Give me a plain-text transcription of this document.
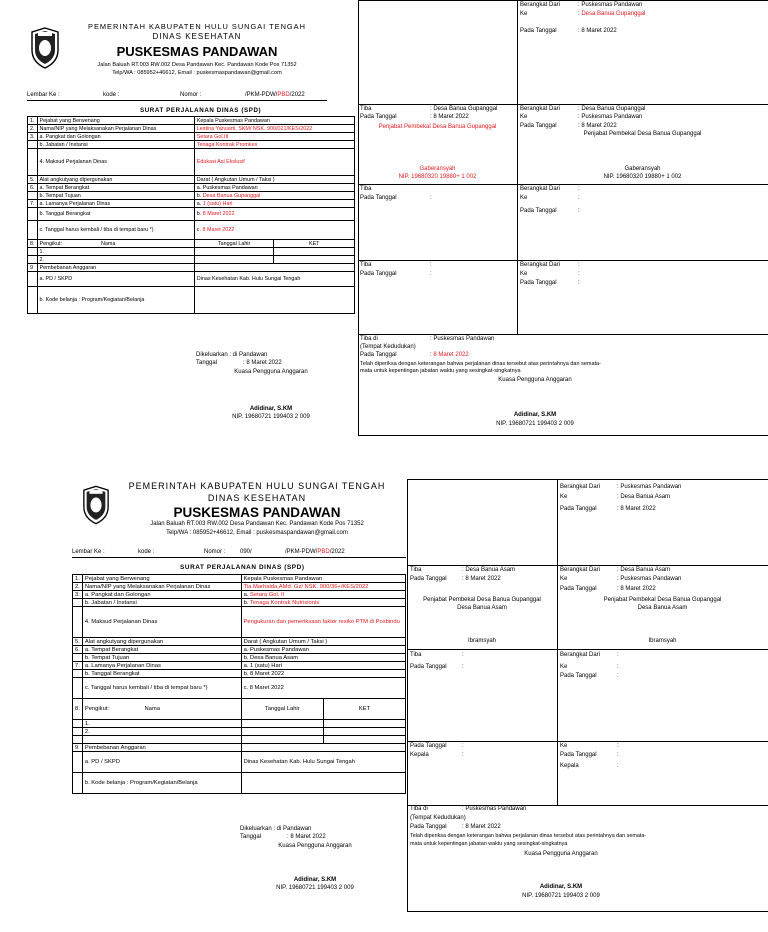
PEMERINTAH KABUPATEN HULU SUNGAI TENGAH
DINAS KESEHATAN
PUSKESMAS PANDAWAN
Jalan Baluah RT.003 RW.002 Desa Pandawan Kec. Pandawan Kode Pos 71352
Telp/WA : 085952+46612, Email : puskesmaspandawan@gmail.com
Lembar Ke :	kode :	Nomor :	/PKM-PDW/PBD/2022
SURAT PERJALANAN DINAS (SPD)
1.	Pejabat yang Berwenang	Kepala Puskesmas Pandawan	
2.	Nama/NIP yang Melaksanakan Perjalanan Dinas	Lestina Yanuarti, SKM/ NSK. 900/021/KES/2022	
3.	a. Pangkat dan Golongan	Setara Gol.III	
	b. Jabatan / Instansi	Tenaga Kontrak Promkes	
	4. Maksud Perjalanan Dinas	Edukasi Asi Ekslusif	
5.	Alat angkutyang dipergunakan	Darat ( Angkutan Umum / Taksi )	
6.	a. Tempat Berangkat	a. Puskesmas Pandawan	
	b. Tempat Tujuan	b. Desa Banua Gupanggal	
7.	a. Lamanya Perjalanan Dinas	a. 1 (satu) Hari	
	b. Tanggal Berangkat	b. 8 Maret 2022	
	c. Tanggal harus kembali / tiba di tempat baru *)	c. 8 Maret 2022	
8.	Pengikut: Nama	Tanggal Lahir	KET
	1.		
	2.		
9	Pembebanan Anggaran		
	a. PD / SKPD	Dinas Kesehatan Kab. Hulu Sungai Tengah	
	b. Kode belanja : Program/Kegiatan/Belanja		
Dikeluarkan : di Pandawan
Tanggal	: 8 Maret 2022
Kuasa Pengguna Anggaran
Adidinar, S.KM
NIP. 19680721 199403 2 009
Berangkat Dari	: Puskesmas Pandawan
Ke	: Desa Banua Gupanggal
Pada Tanggal	: 8 Maret 2022
Tiba	: Desa Banua Gupanggal
Pada Tanggal	: 8 Maret 2022
Penjabat Pembekal Desa Banua Gupanggal
Gaberansyah
NIP. 19680320 19880+ 1 002
Berangkat Dari	: Desa Banua Gupanggal
Ke	: Puskesmas Pandawan
Pada Tanggal	: 8 Maret 2022
Penjabat Pembekal Desa Banua Gupanggal
Gaberansyah
NIP. 19680320 19880+ 1 002
Tiba
Pada Tanggal	:
Berangkat Dari	:
Ke	:
Pada Tanggal	:
Tiba	:
Pada Tanggal	:
Berangkat Dari	:
Ke	:
Pada Tanggal	:
Tiba di	: Puskesmas Pandawan
(Tempat Kedudukan)
Pada Tanggal	: 8 Maret 2022
Telah diperiksa dengan keterangan bahwa perjalanan dinas tersebut atas perintahnya dan semata-
mata untuk kepentingan jabatan waktu yang sesingkat-singkatnya
Kuasa Pengguna Anggaran
Adidinar, S.KM
NIP. 19680721 199403 2 009
PEMERINTAH KABUPATEN HULU SUNGAI TENGAH
DINAS KESEHATAN
PUSKESMAS PANDAWAN
Jalan Baluah RT.003 RW.002 Desa Pandawan Kec. Pandawan Kode Pos 71352
Telp/WA : 085952+46612, Email : puskesmaspandawan@gmail.com
Lembar Ke :	kode :	Nomor : 090/	/PKM-PDW/PBD/2022
SURAT PERJALANAN DINAS (SPD)
1.	Pejabat yang Berwenang	Kepala Puskesmas Pandawan	
2.	Nama/NIP yang Melaksanakan Perjalanan Dinas	Tia Marhalda,AMd. Gz/ NSK. 900/36+/KES/2022	
3.	a. Pangkat dan Golongan	a. Setara Gol. II	
	b. Jabatan / Instansi	b. Tenaga Kontrak Nutrisionis	
	4. Maksud Perjalanan Dinas	Pengukuran dan pemeriksaan faktor resiko PTM di Posbindu	
5.	Alat angkutyang dipergunakan	Darat ( Angkutan Umum / Taksi )	
6.	a. Tempat Berangkat	a. Puskesmas Pandawan	
	b. Tempat Tujuan	b. Desa Banua Asam	
7.	a. Lamanya Perjalanan Dinas	a. 1 (satu) Hari	
	b. Tanggal Berangkat	b. 8 Maret 2022	
	c. Tanggal harus kembali / tiba di tempat baru *)	c. 8 Maret 2022	
8.	Pengikut: Nama	Tanggal Lahir	KET
	1.		
	2.		

9	Pembebanan Anggaran		
	a. PD / SKPD	Dinas Kesehatan Kab. Hulu Sungai Tengah	
	b. Kode belanja : Program/Kegiatan/Belanja		
Dikeluarkan : di Pandawan
Tanggal	: 8 Maret 2022
Kuasa Pengguna Anggaran
Adidinar, S.KM
NIP. 19680721 199403 2 009
Berangkat Dari	: Puskesmas Pandawan
Ke	: Desa Banua Asam
Pada Tanggal	: 8 Maret 2022
Tiba	: Desa Banua Asam
Pada Tanggal	: 8 Maret 2022
Penjabat Pembekal Desa Banua Gupanggal
Desa Banua Asam
Ibramsyah
Berangkat Dari	: Desa Banua Asam
Ke	: Puskesmas Pandawan
Pada Tanggal	: 8 Maret 2022
Penjabat Pembekal Desa Banua Gupanggal
Desa Banua Asam
Ibramsyah
Tiba	:
Pada Tanggal	:
Berangkat Dari	:
Ke	:
Pada Tanggal	:
Pada Tanggal	:
Kepala	:
Ke	:
Pada Tanggal	:
Kepala	:
Tiba di	: Puskesmas Pandawan
(Tempat Kedudukan)
Pada Tanggal	: 8 Maret 2022
Telah diperiksa dengan keterangan bahwa perjalanan dinas tersebut atas perintahnya dan semata-
mata untuk kepentingan jabatan waktu yang sesingkat-singkatnya
Kuasa Pengguna Anggaran
Adidinar, S.KM
NIP. 19680721 199403 2 009
